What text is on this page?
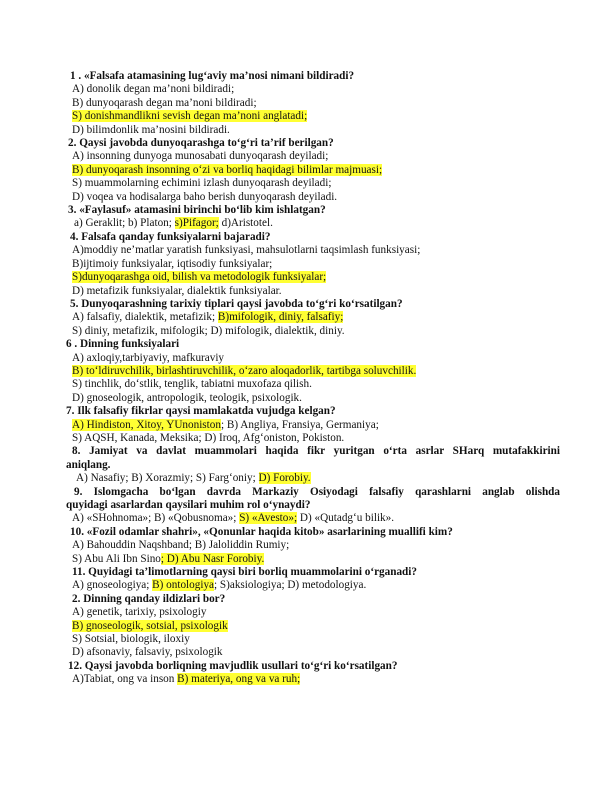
1 . «Falsafa atamasining lug‘aviy ma’nosi nimani bildiradi?
A) donolik degan ma’noni bildiradi;
B) dunyoqarash degan ma’noni bildiradi;
S) donishmandlikni sevish degan ma’noni anglatadi;
D) bilimdonlik ma’nosini bildiradi.
2. Qaysi javobda dunyoqarashga to‘g‘ri ta’rif berilgan?
A) insonning dunyoga munosabati dunyoqarash deyiladi;
B) dunyoqarash insonning o‘zi va borliq haqidagi bilimlar majmuasi;
S) muammolarning echimini izlash dunyoqarash deyiladi;
D) voqea va hodisalarga baho berish dunyoqarash deyiladi.
3. «Faylasuf» atamasini birinchi bo‘lib kim ishlatgan?
a) Geraklit; b) Platon; s)Pifagor; d)Aristotel.
4. Falsafa qanday funksiyalarni bajaradi?
A)moddiy ne’matlar yaratish funksiyasi, mahsulotlarni taqsimlash funksiyasi;
B)ijtimoiy funksiyalar, iqtisodiy funksiyalar;
S)dunyoqarashga oid, bilish va metodologik funksiyalar;
D) metafizik funksiyalar, dialektik funksiyalar.
5. Dunyoqarashning tarixiy tiplari qaysi javobda to‘g‘ri ko‘rsatilgan?
A) falsafiy, dialektik, metafizik; B)mifologik, diniy, falsafiy;
S) diniy, metafizik, mifologik; D) mifologik, dialektik, diniy.
6 . Dinning funksiyalari
A) axloqiy,tarbiyaviy, mafkuraviy
B) to‘ldiruvchilik, birlashtiruvchilik, o‘zaro aloqadorlik, tartibga soluvchilik.
S) tinchlik, do‘stlik, tenglik, tabiatni muxofaza qilish.
D) gnoseologik, antropologik, teologik, psixologik.
7. Ilk falsafiy fikrlar qaysi mamlakatda vujudga kelgan?
A) Hindiston, Xitoy, YUnoniston; B) Angliya, Fransiya, Germaniya;
S) AQSH, Kanada, Meksika; D) Iroq, Afg‘oniston, Pokiston.
8. Jamiyat va davlat muammolari haqida fikr yuritgan o‘rta asrlar SHarq mutafakkirini
aniqlang.
A) Nasafiy; B) Xorazmiy; S) Farg‘oniy; D) Forobiy.
9. Islomgacha bo‘lgan davrda Markaziy Osiyodagi falsafiy qarashlarni anglab olishda
quyidagi asarlardan qaysilari muhim rol o‘ynaydi?
A) «SHohnoma»; B) «Qobusnoma»; S) «Avesto»; D) «Qutadg‘u bilik».
10. «Fozil odamlar shahri», «Qonunlar haqida kitob» asarlarining muallifi kim?
A) Bahouddin Naqshband; B) Jaloliddin Rumiy;
S) Abu Ali Ibn Sino; D) Abu Nasr Forobiy.
11. Quyidagi ta’limotlarning qaysi biri borliq muammolarini o‘rganadi?
A) gnoseologiya; B) ontologiya; S)aksiologiya; D) metodologiya.
2. Dinning qanday ildizlari bor?
A) genetik, tarixiy, psixologiy
B) gnoseologik, sotsial, psixologik
S) Sotsial, biologik, iloxiy
D) afsonaviy, falsaviy, psixologik
12. Qaysi javobda borliqning mavjudlik usullari to‘g‘ri ko‘rsatilgan?
A)Tabiat, ong va inson B) materiya, ong va va ruh;
